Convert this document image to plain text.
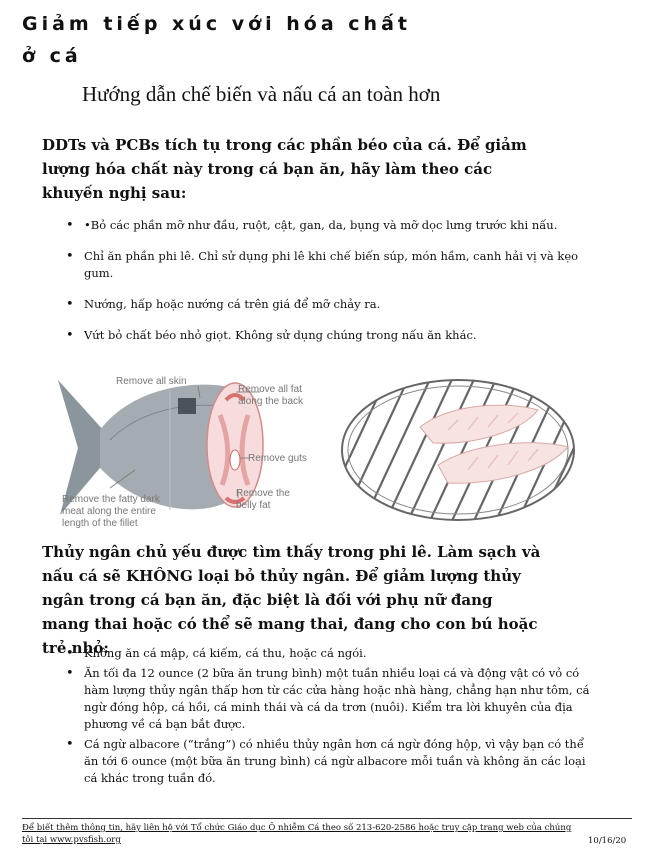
Giảm tiếp xúc với hóa chất
ở cá
Hướng dẫn chế biến và nấu cá an toàn hơn
DDTs và PCBs tích tụ trong các phần béo của cá. Để giảm lượng hóa chất này trong cá bạn ăn, hãy làm theo các khuyến nghị sau:
• •Bỏ các phần mỡ như đầu, ruột, cật, gan, da, bụng và mỡ dọc lưng trước khi nấu.
• Chỉ ăn phần phi lê. Chỉ sử dụng phi lê khi chế biến súp, món hầm, canh hải vị và kẹo gum.
• Nướng, hấp hoặc nướng cá trên giá để mỡ chảy ra.
• Vứt bỏ chất béo nhỏ giọt. Không sử dụng chúng trong nấu ăn khác.
Remove all skin
Remove all fat
along the back
Remove guts
Remove the
belly fat
Remove the fatty dark
meat along the entire
length of the fillet
Thủy ngân chủ yếu được tìm thấy trong phi lê. Làm sạch và nấu cá sẽ KHÔNG loại bỏ thủy ngân. Để giảm lượng thủy ngân trong cá bạn ăn, đặc biệt là đối với phụ nữ đang mang thai hoặc có thể sẽ mang thai, đang cho con bú hoặc trẻ nhỏ:
• Không ăn cá mập, cá kiếm, cá thu, hoặc cá ngói.
• Ăn tối đa 12 ounce (2 bữa ăn trung bình) một tuần nhiều loại cá và động vật có vỏ có hàm lượng thủy ngân thấp hơn từ các cửa hàng hoặc nhà hàng, chẳng hạn như tôm, cá ngừ đóng hộp, cá hồi, cá minh thái và cá da trơn (nuôi). Kiểm tra lời khuyên của địa phương về cá bạn bắt được.
• Cá ngừ albacore (“trắng”) có nhiều thủy ngân hơn cá ngừ đóng hộp, vì vậy bạn có thể ăn tới 6 ounce (một bữa ăn trung bình) cá ngừ albacore mỗi tuần và không ăn các loại cá khác trong tuần đó.
Để biết thêm thông tin, hãy liên hệ với Tổ chức Giáo dục Ô nhiễm Cá theo số 213-620-2586 hoặc truy cập trang web của chúng tôi tại www.pvsfish.org	10/16/20
